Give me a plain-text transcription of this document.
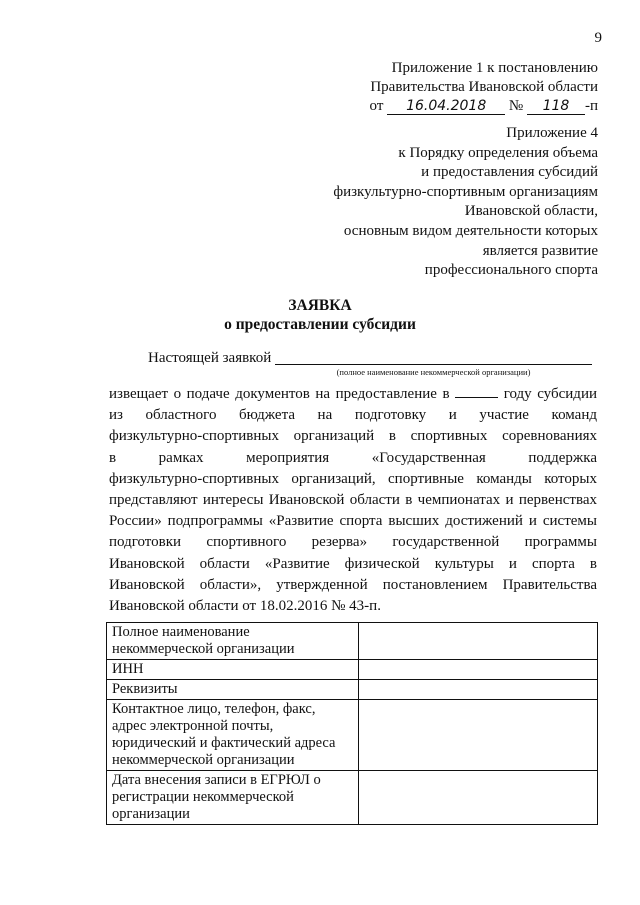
9
Приложение 1 к постановлению
Правительства Ивановской области
от 16.04.2018 № 118 -п
Приложение 4
к Порядку определения объема
и предоставления субсидий
физкультурно-спортивным организациям
Ивановской области,
основным видом деятельности которых
является развитие
профессионального спорта
ЗАЯВКА
о предоставлении субсидии
Настоящей заявкой
(полное наименование некоммерческой организации)
извещает о подаче документов на предоставление в	году субсидии
из областного бюджета на подготовку и участие команд
физкультурно-спортивных организаций в спортивных соревнованиях
в рамках мероприятия «Государственная поддержка
физкультурно-спортивных организаций, спортивные команды которых
представляют интересы Ивановской области в чемпионатах и первенствах
России» подпрограммы «Развитие спорта высших достижений и системы
подготовки спортивного резерва» государственной программы
Ивановской области «Развитие физической культуры и спорта в
Ивановской области», утвержденной постановлением Правительства
Ивановской области от 18.02.2016 № 43-п.
Полное наименование некоммерческой организации	
ИНН	
Реквизиты	
Контактное лицо, телефон, факс, адрес электронной почты, юридический и фактический адреса некоммерческой организации	
Дата внесения записи в ЕГРЮЛ о регистрации некоммерческой организации	
